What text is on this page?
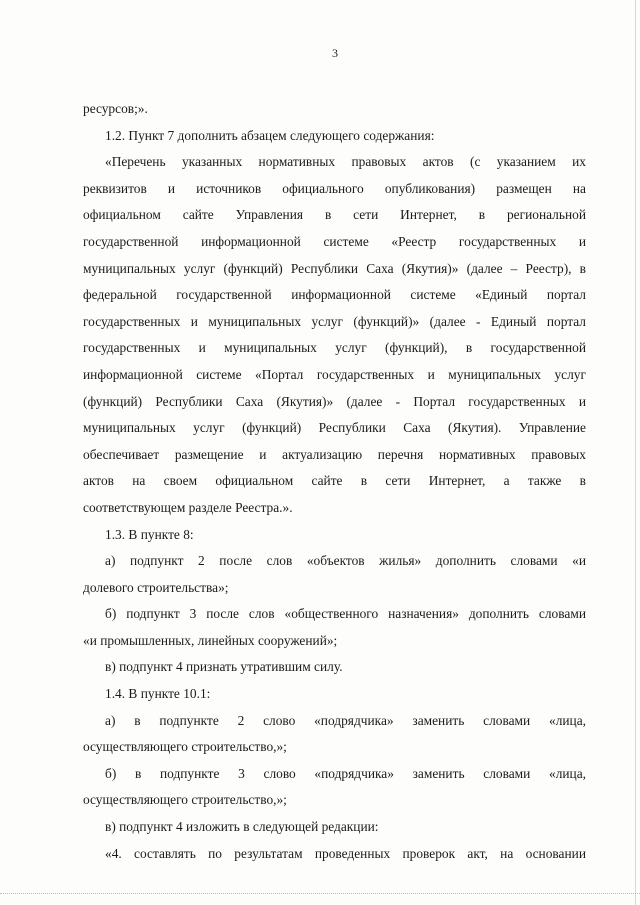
3
ресурсов;».
1.2. Пункт 7 дополнить абзацем следующего содержания:
«Перечень указанных нормативных правовых актов (с указанием их
реквизитов и источников официального опубликования) размещен на
официальном сайте Управления в сети Интернет, в региональной
государственной информационной системе «Реестр государственных и
муниципальных услуг (функций) Республики Саха (Якутия)» (далее – Реестр), в
федеральной государственной информационной системе «Единый портал
государственных и муниципальных услуг (функций)» (далее - Единый портал
государственных и муниципальных услуг (функций), в государственной
информационной системе «Портал государственных и муниципальных услуг
(функций) Республики Саха (Якутия)» (далее - Портал государственных и
муниципальных услуг (функций) Республики Саха (Якутия). Управление
обеспечивает размещение и актуализацию перечня нормативных правовых
актов на своем официальном сайте в сети Интернет, а также в
соответствующем разделе Реестра.».
1.3. В пункте 8:
а) подпункт 2 после слов «объектов жилья» дополнить словами «и
долевого строительства»;
б) подпункт 3 после слов «общественного назначения» дополнить словами
«и промышленных, линейных сооружений»;
в) подпункт 4 признать утратившим силу.
1.4. В пункте 10.1:
а) в подпункте 2 слово «подрядчика» заменить словами «лица,
осуществляющего строительство,»;
б) в подпункте 3 слово «подрядчика» заменить словами «лица,
осуществляющего строительство,»;
в) подпункт 4 изложить в следующей редакции:
«4. составлять по результатам проведенных проверок акт, на основании
